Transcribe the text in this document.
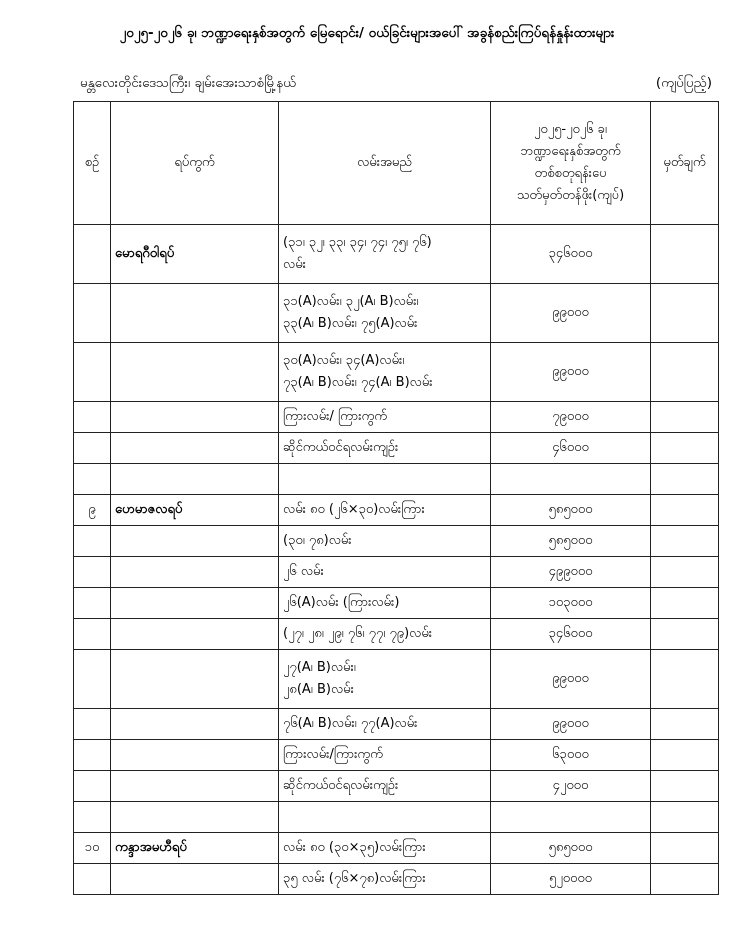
၂၀၂၅-၂၀၂၆ ခု၊ ဘဏ္ဍာရေးနှစ်အတွက် မြေရောင်း/ ဝယ်ခြင်းများအပေါ် အခွန်စည်းကြပ်ရန်နှုန်းထားများ
မန္တလေးတိုင်းဒေသကြီး၊ ချမ်းအေးသာစံမြို့နယ်	(ကျပ်ပြည့်)
စဉ်	ရပ်ကွက်	လမ်းအမည်	၂၀၂၅-၂၀၂၆ ခု၊
ဘဏ္ဍာရေးနှစ်အတွက်
တစ်စတုရန်းပေ
သတ်မှတ်တန်ဖိုး(ကျပ်)	မှတ်ချက်
	မောရဂီဝါရပ်	(၃၁၊ ၃၂၊ ၃၃၊ ၃၄၊ ၇၄၊ ၇၅၊ ၇၆)
လမ်း	၃၄၆၀၀၀	

		၃၁(A)လမ်း၊ ၃၂(A၊ B)လမ်း၊
၃၃(A၊ B)လမ်း၊ ၇၅(A)လမ်း	၉၉၀၀၀	

		၃၀(A)လမ်း၊ ၃၄(A)လမ်း၊
၇၃(A၊ B)လမ်း၊ ၇၄(A၊ B)လမ်း	၉၉၀၀၀	
		ကြားလမ်း/ ကြားကွက်	၇၉၀၀၀	
		ဆိုင်ကယ်ဝင်ရလမ်းကျဉ်း	၄၆၀၀၀	

၉	ဟေမာဇလရပ်	လမ်း ၈၀ (၂၆×၃၀)လမ်းကြား	၅၈၅၀၀၀	
		(၃၀၊ ၇၈)လမ်း	၅၈၅၀၀၀	
		၂၆ လမ်း	၄၉၉၀၀၀	
		၂၆(A)လမ်း (ကြားလမ်း)	၁၀၃၀၀၀	
		(၂၇၊ ၂၈၊ ၂၉၊ ၇၆၊ ၇၇၊ ၇၉)လမ်း	၃၄၆၀၀၀	

		၂၇(A၊ B)လမ်း၊
၂၈(A၊ B)လမ်း	၉၉၀၀၀	
		၇၆(A၊ B)လမ်း၊ ၇၇(A)လမ်း	၉၉၀၀၀	
		ကြားလမ်း/ကြားကွက်	၆၃၀၀၀	
		ဆိုင်ကယ်ဝင်ရလမ်းကျဉ်း	၄၂၀၀၀	

၁၀	ကန္ဒာအမဟီရပ်	လမ်း ၈၀ (၃၀×၃၅)လမ်းကြား	၅၈၅၀၀၀	
		၃၅ လမ်း (၇၆×၇၈)လမ်းကြား	၅၂၀၀၀၀	
